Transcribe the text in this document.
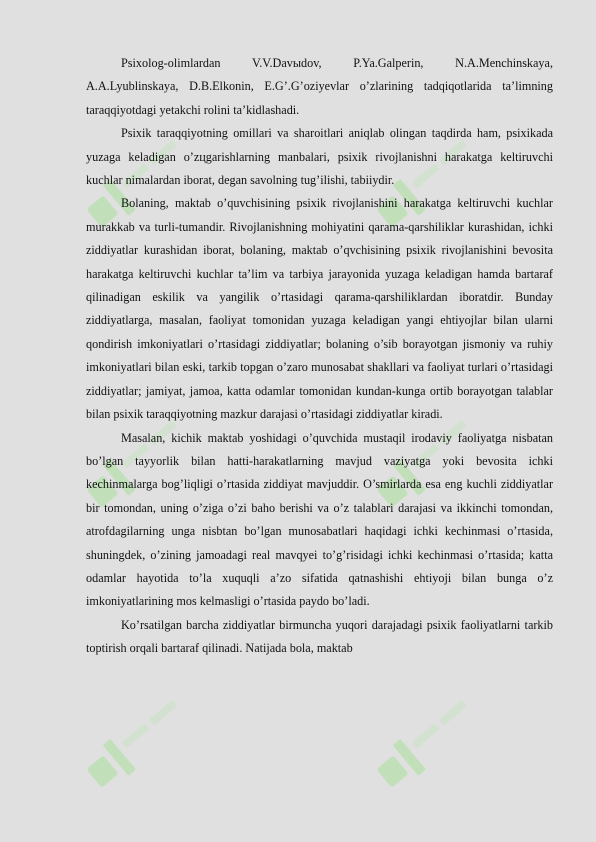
Psixolog-olimlardan V.V.Davыdov, P.Ya.Galperin, N.A.Menchinskaya, A.A.Lyublinskaya, D.B.Elkonin, E.G’.G’oziyevlar o’zlarining tadqiqotlarida ta’limning taraqqiyotdagi yetakchi rolini ta’kidlashadi.

Psixik taraqqiyotning omillari va sharoitlari aniqlab olingan taqdirda ham, psixikada yuzaga keladigan o’zцgarishlarning manbalari, psixik rivojlanishni harakatga keltiruvchi kuchlar nimalardan iborat, degan savolning tug’ilishi, tabiiydir.

Bolaning, maktab o’quvchisining psixik rivojlanishini harakatga keltiruvchi kuchlar murakkab va turli-tumandir. Rivojlanishning mohiyatini qarama-qarshiliklar kurashidan, ichki ziddiyatlar kurashidan iborat, bolaning, maktab o’qvchisining psixik rivojlanishini bevosita harakatga keltiruvchi kuchlar ta’lim va tarbiya jarayonida yuzaga keladigan hamda bartaraf qilinadigan eskilik va yangilik o’rtasidagi qarama-qarshiliklardan iboratdir. Bunday ziddiyatlarga, masalan, faoliyat tomonidan yuzaga keladigan yangi ehtiyojlar bilan ularni qondirish imkoniyatlari o’rtasidagi ziddiyatlar; bolaning o’sib borayotgan jismoniy va ruhiy imkoniyatlari bilan eski, tarkib topgan o’zaro munosabat shakllari va faoliyat turlari o’rtasidagi ziddiyatlar; jamiyat, jamoa, katta odamlar tomonidan kundan-kunga ortib borayotgan talablar bilan psixik taraqqiyotning mazkur darajasi o’rtasidagi ziddiyatlar kiradi.

Masalan, kichik maktab yoshidagi o’quvchida mustaqil irodaviy faoliyatga nisbatan bo’lgan tayyorlik bilan hatti-harakatlarning mavjud vaziyatga yoki bevosita ichki kechinmalarga bog’liqligi o’rtasida ziddiyat mavjuddir. O’smirlarda esa eng kuchli ziddiyatlar bir tomondan, uning o’ziga o’zi baho berishi va o’z talablari darajasi va ikkinchi tomondan, atrofdagilarning unga nisbtan bo’lgan munosabatlari haqidagi ichki kechinmasi o’rtasida, shuningdek, o’zining jamoadagi real mavqyei to’g’risidagi ichki kechinmasi o’rtasida; katta odamlar hayotida to’la xuquqli a’zo sifatida qatnashishi ehtiyoji bilan bunga o’z imkoniyatlarining mos kelmasligi o’rtasida paydo bo’ladi.

Ko’rsatilgan barcha ziddiyatlar birmuncha yuqori darajadagi psixik faoliyatlarni tarkib toptirish orqali bartaraf qilinadi. Natijada bola, maktab
